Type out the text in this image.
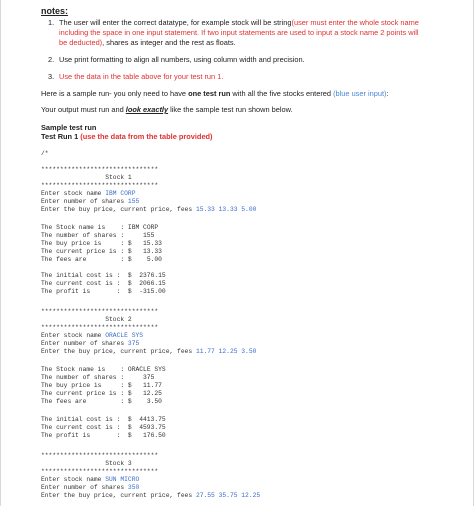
notes:
1. The user will enter the correct datatype, for example stock will be string(user must enter the whole stock name including the space in one input statement. If two input statements are used to input a stock name 2 points will be deducted), shares as integer and the rest as floats.
2. Use print formatting to align all numbers, using column width and precision.
3. Use the data in the table above for your test run 1.
Here is a sample run- you only need to have one test run with all the five stocks entered (blue user input):
Your output must run and look exactly like the sample test run shown below.
Sample test run
Test Run 1 (use the data from the table provided)
/*
*******************************
Stock 1
*******************************
Enter stock name IBM CORP
Enter number of shares 155
Enter the buy price, current price, fees 15.33 13.33 5.00
The Stock name is    : IBM CORP
The number of shares :     155
The buy price is     : $   15.33
The current price is : $   13.33
The fees are         : $    5.00
The initial cost is :  $  2376.15
The current cost is :  $  2066.15
The profit is       :  $  -315.00
*******************************
Stock 2
*******************************
Enter stock name ORACLE SYS
Enter number of shares 375
Enter the buy price, current price, fees 11.77 12.25 3.50
The Stock name is    : ORACLE SYS
The number of shares :     375
The buy price is     : $   11.77
The current price is : $   12.25
The fees are         : $    3.50
The initial cost is :  $  4413.75
The current cost is :  $  4593.75
The profit is       :  $   176.50
*******************************
Stock 3
*******************************
Enter stock name SUN MICRO
Enter number of shares 350
Enter the buy price, current price, fees 27.55 35.75 12.25
